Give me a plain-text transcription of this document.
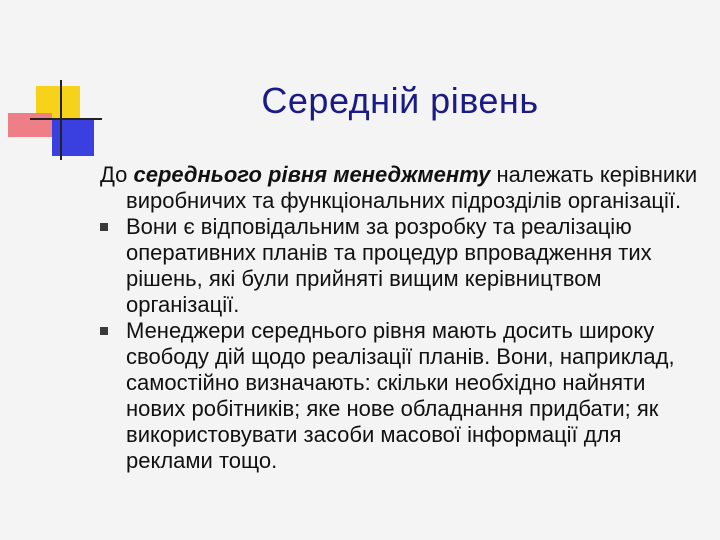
Середній рівень
До середнього рівня менеджменту належать керівники виробничих та функціональних підрозділів організації.
Вони є відповідальним за розробку та реалізацію оперативних планів та процедур впровадження тих рішень, які були прийняті вищим керівництвом організації.
Менеджери середнього рівня мають досить широку свободу дій щодо реалізації планів. Вони, наприклад, самостійно визначають: скільки необхідно найняти нових робітників; яке нове обладнання придбати; як використовувати засоби масової інформації для реклами тощо.
